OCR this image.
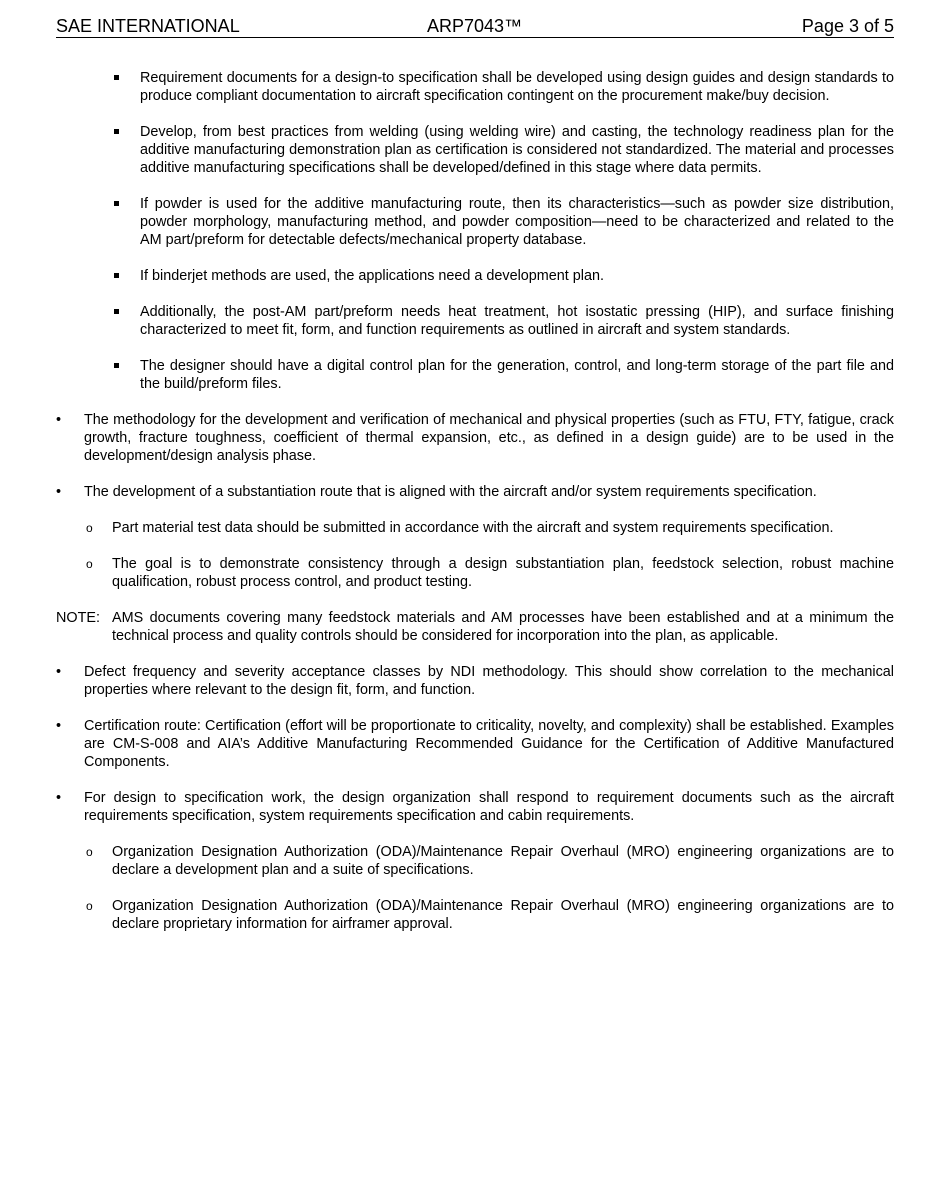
SAE INTERNATIONAL	ARP7043™	Page 3 of 5
Requirement documents for a design-to specification shall be developed using design guides and design standards to produce compliant documentation to aircraft specification contingent on the procurement make/buy decision.
Develop, from best practices from welding (using welding wire) and casting, the technology readiness plan for the additive manufacturing demonstration plan as certification is considered not standardized. The material and processes additive manufacturing specifications shall be developed/defined in this stage where data permits.
If powder is used for the additive manufacturing route, then its characteristics—such as powder size distribution, powder morphology, manufacturing method, and powder composition—need to be characterized and related to the AM part/preform for detectable defects/mechanical property database.
If binderjet methods are used, the applications need a development plan.
Additionally, the post-AM part/preform needs heat treatment, hot isostatic pressing (HIP), and surface finishing characterized to meet fit, form, and function requirements as outlined in aircraft and system standards.
The designer should have a digital control plan for the generation, control, and long-term storage of the part file and the build/preform files.
• The methodology for the development and verification of mechanical and physical properties (such as FTU, FTY, fatigue, crack growth, fracture toughness, coefficient of thermal expansion, etc., as defined in a design guide) are to be used in the development/design analysis phase.
• The development of a substantiation route that is aligned with the aircraft and/or system requirements specification.
o Part material test data should be submitted in accordance with the aircraft and system requirements specification.
o The goal is to demonstrate consistency through a design substantiation plan, feedstock selection, robust machine qualification, robust process control, and product testing.
NOTE: AMS documents covering many feedstock materials and AM processes have been established and at a minimum the technical process and quality controls should be considered for incorporation into the plan, as applicable.
• Defect frequency and severity acceptance classes by NDI methodology. This should show correlation to the mechanical properties where relevant to the design fit, form, and function.
• Certification route: Certification (effort will be proportionate to criticality, novelty, and complexity) shall be established. Examples are CM-S-008 and AIA’s Additive Manufacturing Recommended Guidance for the Certification of Additive Manufactured Components.
• For design to specification work, the design organization shall respond to requirement documents such as the aircraft requirements specification, system requirements specification and cabin requirements.
o Organization Designation Authorization (ODA)/Maintenance Repair Overhaul (MRO) engineering organizations are to declare a development plan and a suite of specifications.
o Organization Designation Authorization (ODA)/Maintenance Repair Overhaul (MRO) engineering organizations are to declare proprietary information for airframer approval.
